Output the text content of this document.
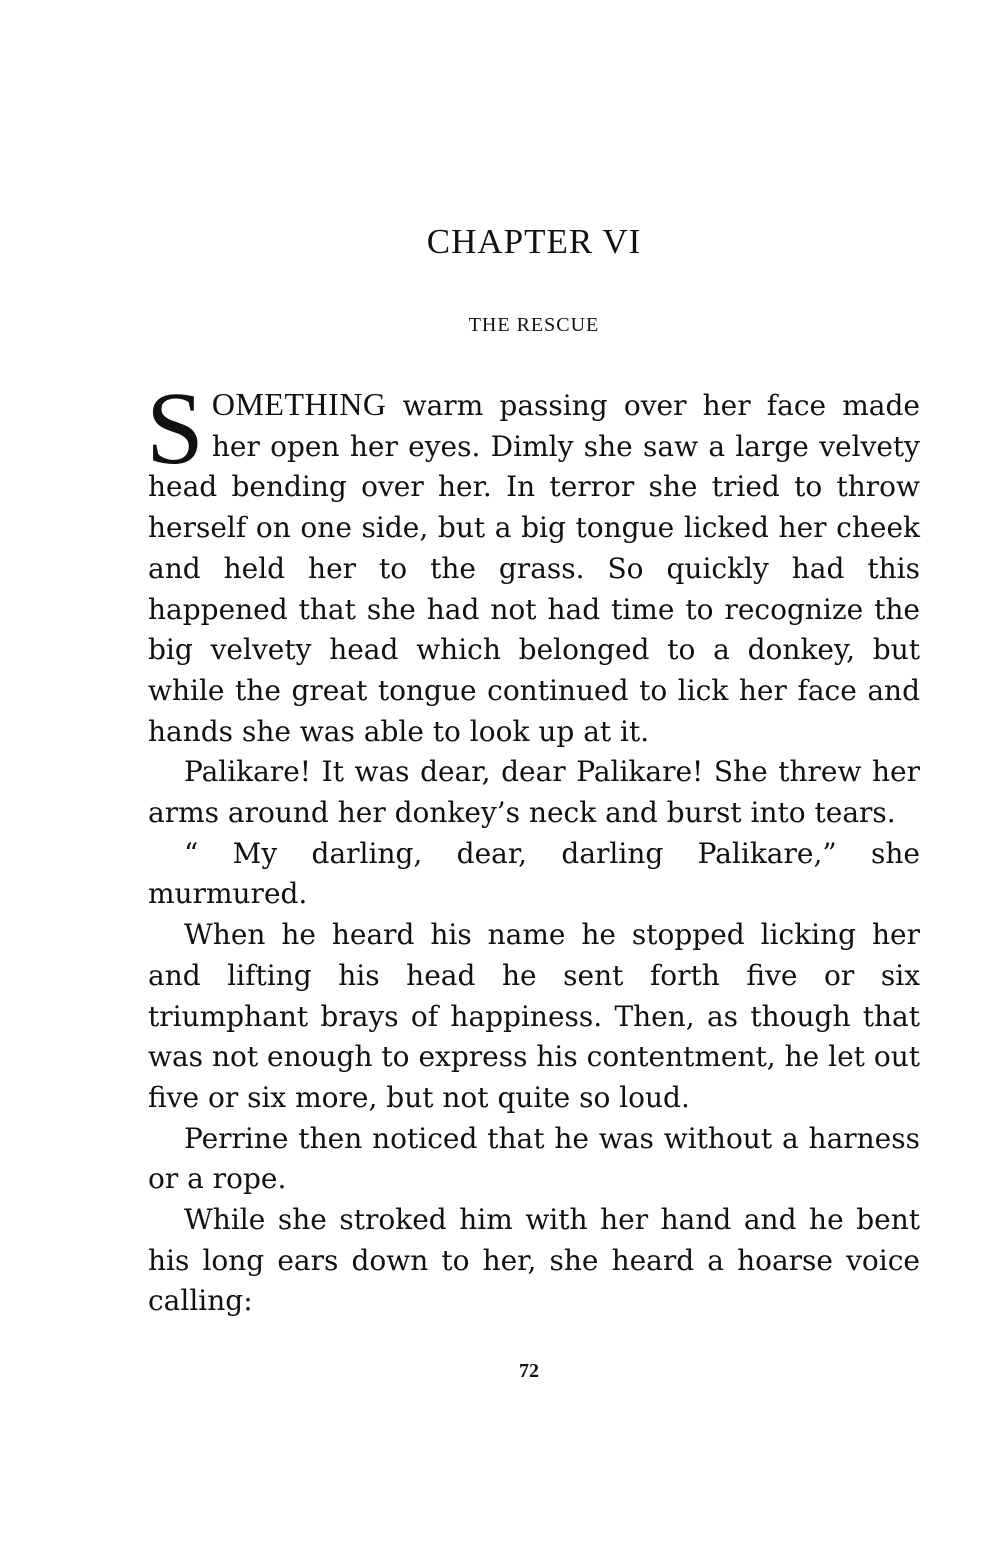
CHAPTER VI
THE RESCUE

SOMETHING warm passing over her face made her open her eyes. Dimly she saw a large velvety head bending over her. In terror she tried to throw herself on one side, but a big tongue licked her cheek and held her to the grass. So quickly had this happened that she had not had time to recognize the big velvety head which belonged to a donkey, but while the great tongue continued to lick her face and hands she was able to look up at it.

Palikare! It was dear, dear Palikare! She threw her arms around her donkey’s neck and burst into tears.

“ My darling, dear, darling Palikare,” she murmured.

When he heard his name he stopped licking her and lifting his head he sent forth five or six triumphant brays of happiness. Then, as though that was not enough to express his contentment, he let out five or six more, but not quite so loud.

Perrine then noticed that he was without a harness or a rope.

While she stroked him with her hand and he bent his long ears down to her, she heard a hoarse voice calling:

72
